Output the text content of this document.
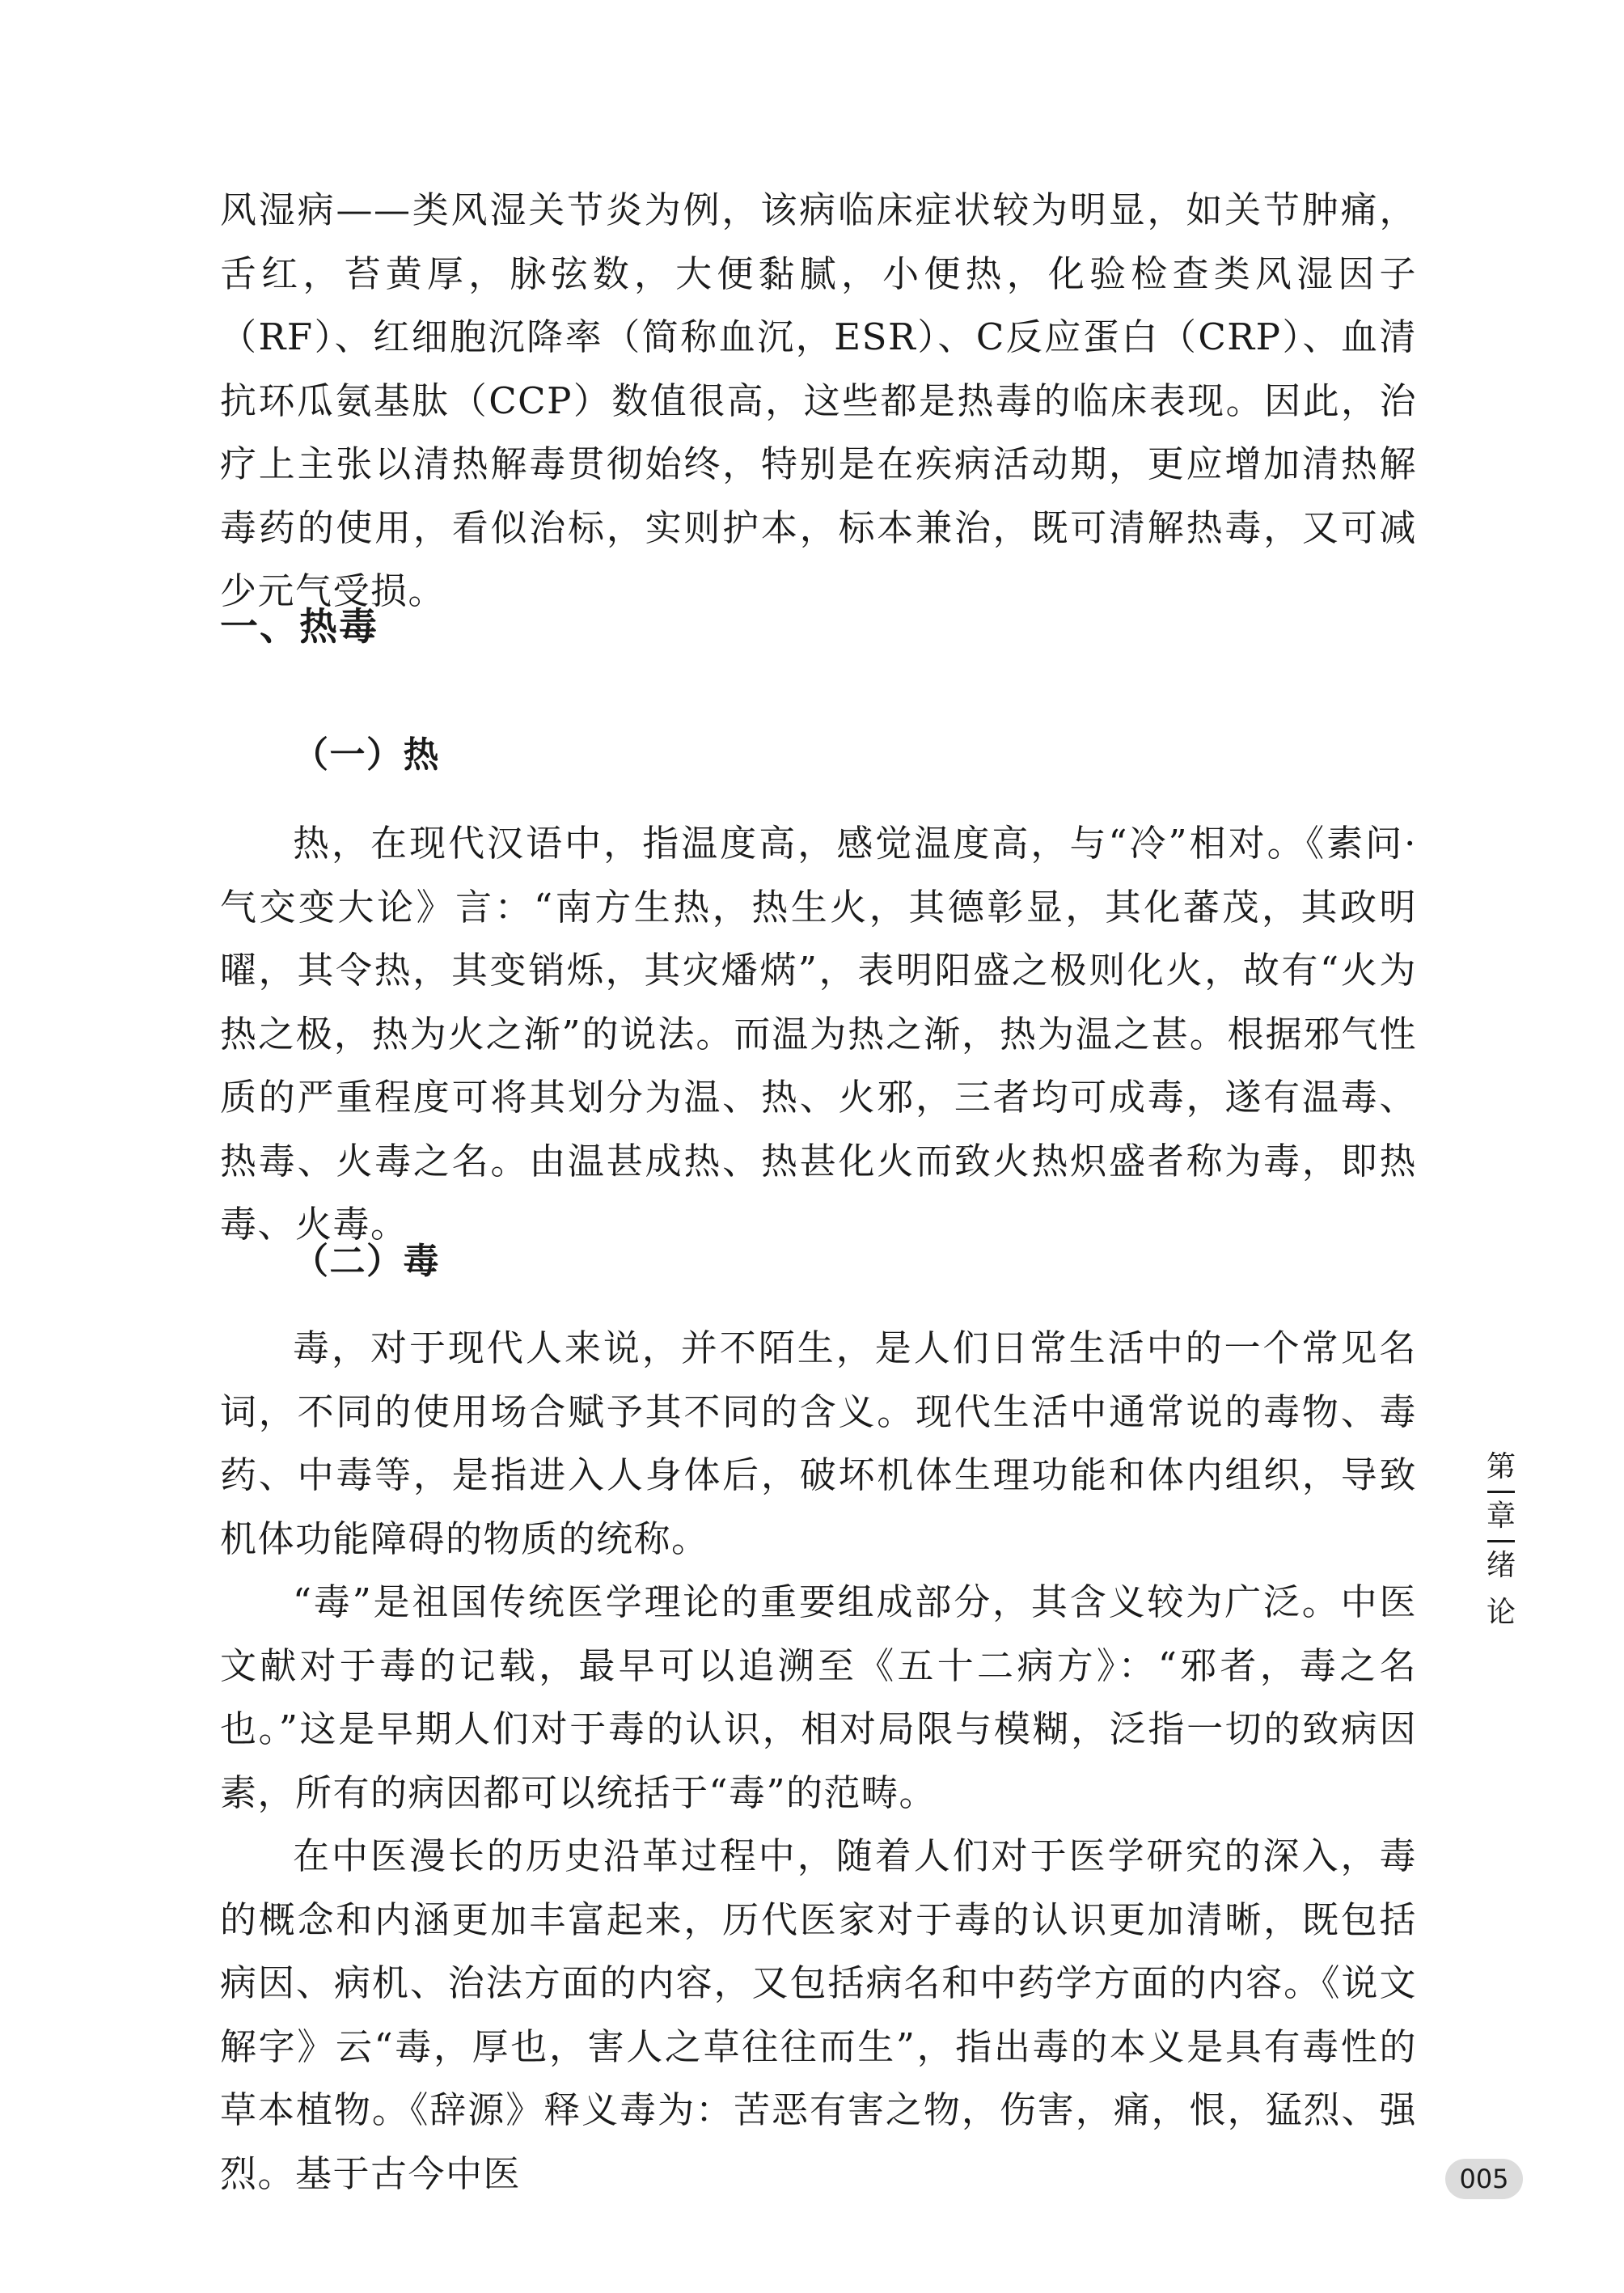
风湿病——类风湿关节炎为例，该病临床症状较为明显，如关节肿痛，舌红，苔黄厚，脉弦数，大便黏腻，小便热，化验检查类风湿因子（RF）、红细胞沉降率（简称血沉，ESR）、C反应蛋白（CRP）、血清抗环瓜氨基肽（CCP）数值很高，这些都是热毒的临床表现。因此，治疗上主张以清热解毒贯彻始终，特别是在疾病活动期，更应增加清热解毒药的使用，看似治标，实则护本，标本兼治，既可清解热毒，又可减少元气受损。

一、热毒
（一）热

热，在现代汉语中，指温度高，感觉温度高，与“冷”相对。《素问·气交变大论》言：“南方生热，热生火，其德彰显，其化蕃茂，其政明曜，其令热，其变销烁，其灾燔焫”，表明阳盛之极则化火，故有“火为热之极，热为火之渐”的说法。而温为热之渐，热为温之甚。根据邪气性质的严重程度可将其划分为温、热、火邪，三者均可成毒，遂有温毒、热毒、火毒之名。由温甚成热、热甚化火而致火热炽盛者称为毒，即热毒、火毒。

（二）毒

毒，对于现代人来说，并不陌生，是人们日常生活中的一个常见名词，不同的使用场合赋予其不同的含义。现代生活中通常说的毒物、毒药、中毒等，是指进入人身体后，破坏机体生理功能和体内组织，导致机体功能障碍的物质的统称。

“毒”是祖国传统医学理论的重要组成部分，其含义较为广泛。中医文献对于毒的记载，最早可以追溯至《五十二病方》：“邪者，毒之名也。”这是早期人们对于毒的认识，相对局限与模糊，泛指一切的致病因素，所有的病因都可以统括于“毒”的范畴。

在中医漫长的历史沿革过程中，随着人们对于医学研究的深入，毒的概念和内涵更加丰富起来，历代医家对于毒的认识更加清晰，既包括病因、病机、治法方面的内容，又包括病名和中药学方面的内容。《说文解字》云“毒，厚也，害人之草往往而生”，指出毒的本义是具有毒性的草本植物。《辞源》释义毒为：苦恶有害之物，伤害，痛，恨，猛烈、强烈。基于古今中医

第
章
绪
论
005
